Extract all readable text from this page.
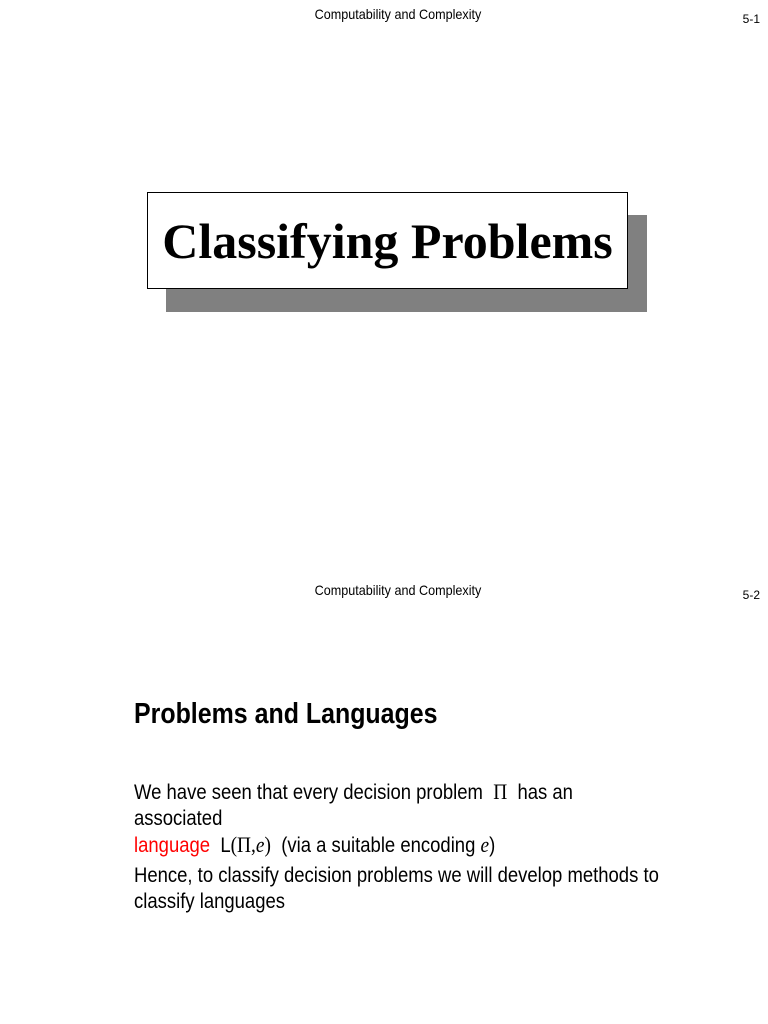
Computability and Complexity	5-1
Classifying Problems
Computability and Complexity	5-2
Problems and Languages
We have seen that every decision problem Π has an associated
language L(Π,e) (via a suitable encoding e)
Hence, to classify decision problems we will develop methods to classify languages
